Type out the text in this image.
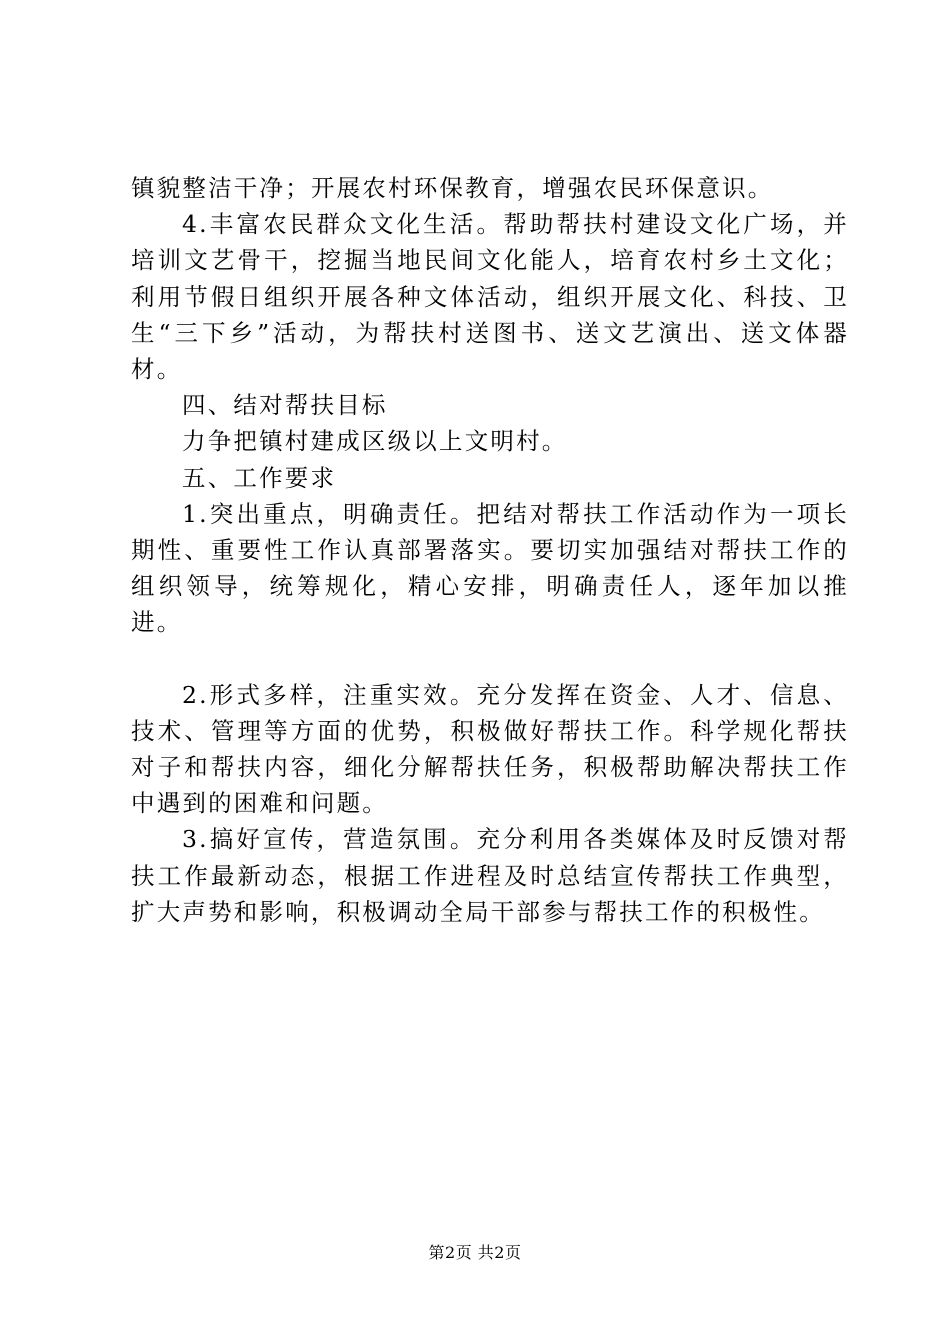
镇貌整洁干净；开展农村环保教育，增强农民环保意识。

4.丰富农民群众文化生活。帮助帮扶村建设文化广场，并培训文艺骨干，挖掘当地民间文化能人，培育农村乡土文化；利用节假日组织开展各种文体活动，组织开展文化、科技、卫生“三下乡”活动，为帮扶村送图书、送文艺演出、送文体器材。

四、结对帮扶目标

力争把镇村建成区级以上文明村。

五、工作要求

1.突出重点，明确责任。把结对帮扶工作活动作为一项长期性、重要性工作认真部署落实。要切实加强结对帮扶工作的组织领导，统筹规化，精心安排，明确责任人，逐年加以推进。

2.形式多样，注重实效。充分发挥在资金、人才、信息、技术、管理等方面的优势，积极做好帮扶工作。科学规化帮扶对子和帮扶内容，细化分解帮扶任务，积极帮助解决帮扶工作中遇到的困难和问题。

3.搞好宣传，营造氛围。充分利用各类媒体及时反馈对帮扶工作最新动态，根据工作进程及时总结宣传帮扶工作典型，扩大声势和影响，积极调动全局干部参与帮扶工作的积极性。

第2页 共2页
